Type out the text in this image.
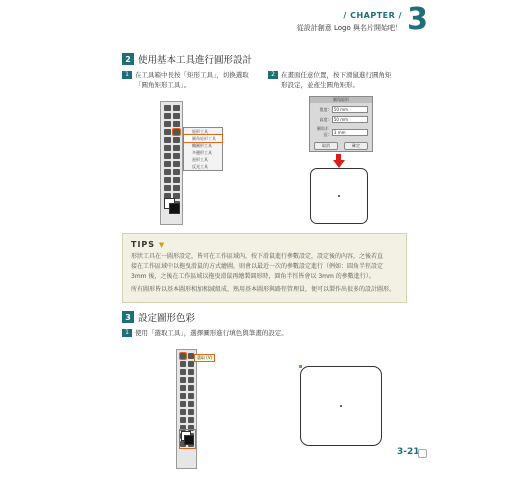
/ CHAPTER /
從設計創意 Logo 與名片開始吧！ 3
2 使用基本工具進行圓形設計
1 在工具箱中長按「矩形工具」，切換選取
「圓角矩形工具」。
2 在畫面任意位置，按下滑鼠進行圓角矩
形設定，並產生圓角矩形。
矩形工具
圓角矩形工具
橢圓形工具
多邊形工具
星形工具
反光工具
圓角矩形
寬度:	50 mm
高度:	50 mm
圓角半徑:	3 mm
取消	確定
TIPS ▼
形狀工具在一圖形設定，皆可在工作區域內，按下滑鼠進行參數設定，設定後的內容，之後若直
接在工作區域中以拖曳滑鼠的方式繪圖，則會以最近一次的參數設定進行（例如：圓角半徑設定
3mm 後，之後在工作區域以拖曳滑鼠再繪製圓形時，圓角半徑皆會以 3mm 的參數進行）。
所有圖形皆以基本圖形相加相減組成，熟用基本圖形與路徑管理員，便可以製作出很多的設計圖形。
3 設定圖形色彩
1 使用「選取工具」，選擇圖形進行填色與筆畫的設定。
選取 (V)
3-21
